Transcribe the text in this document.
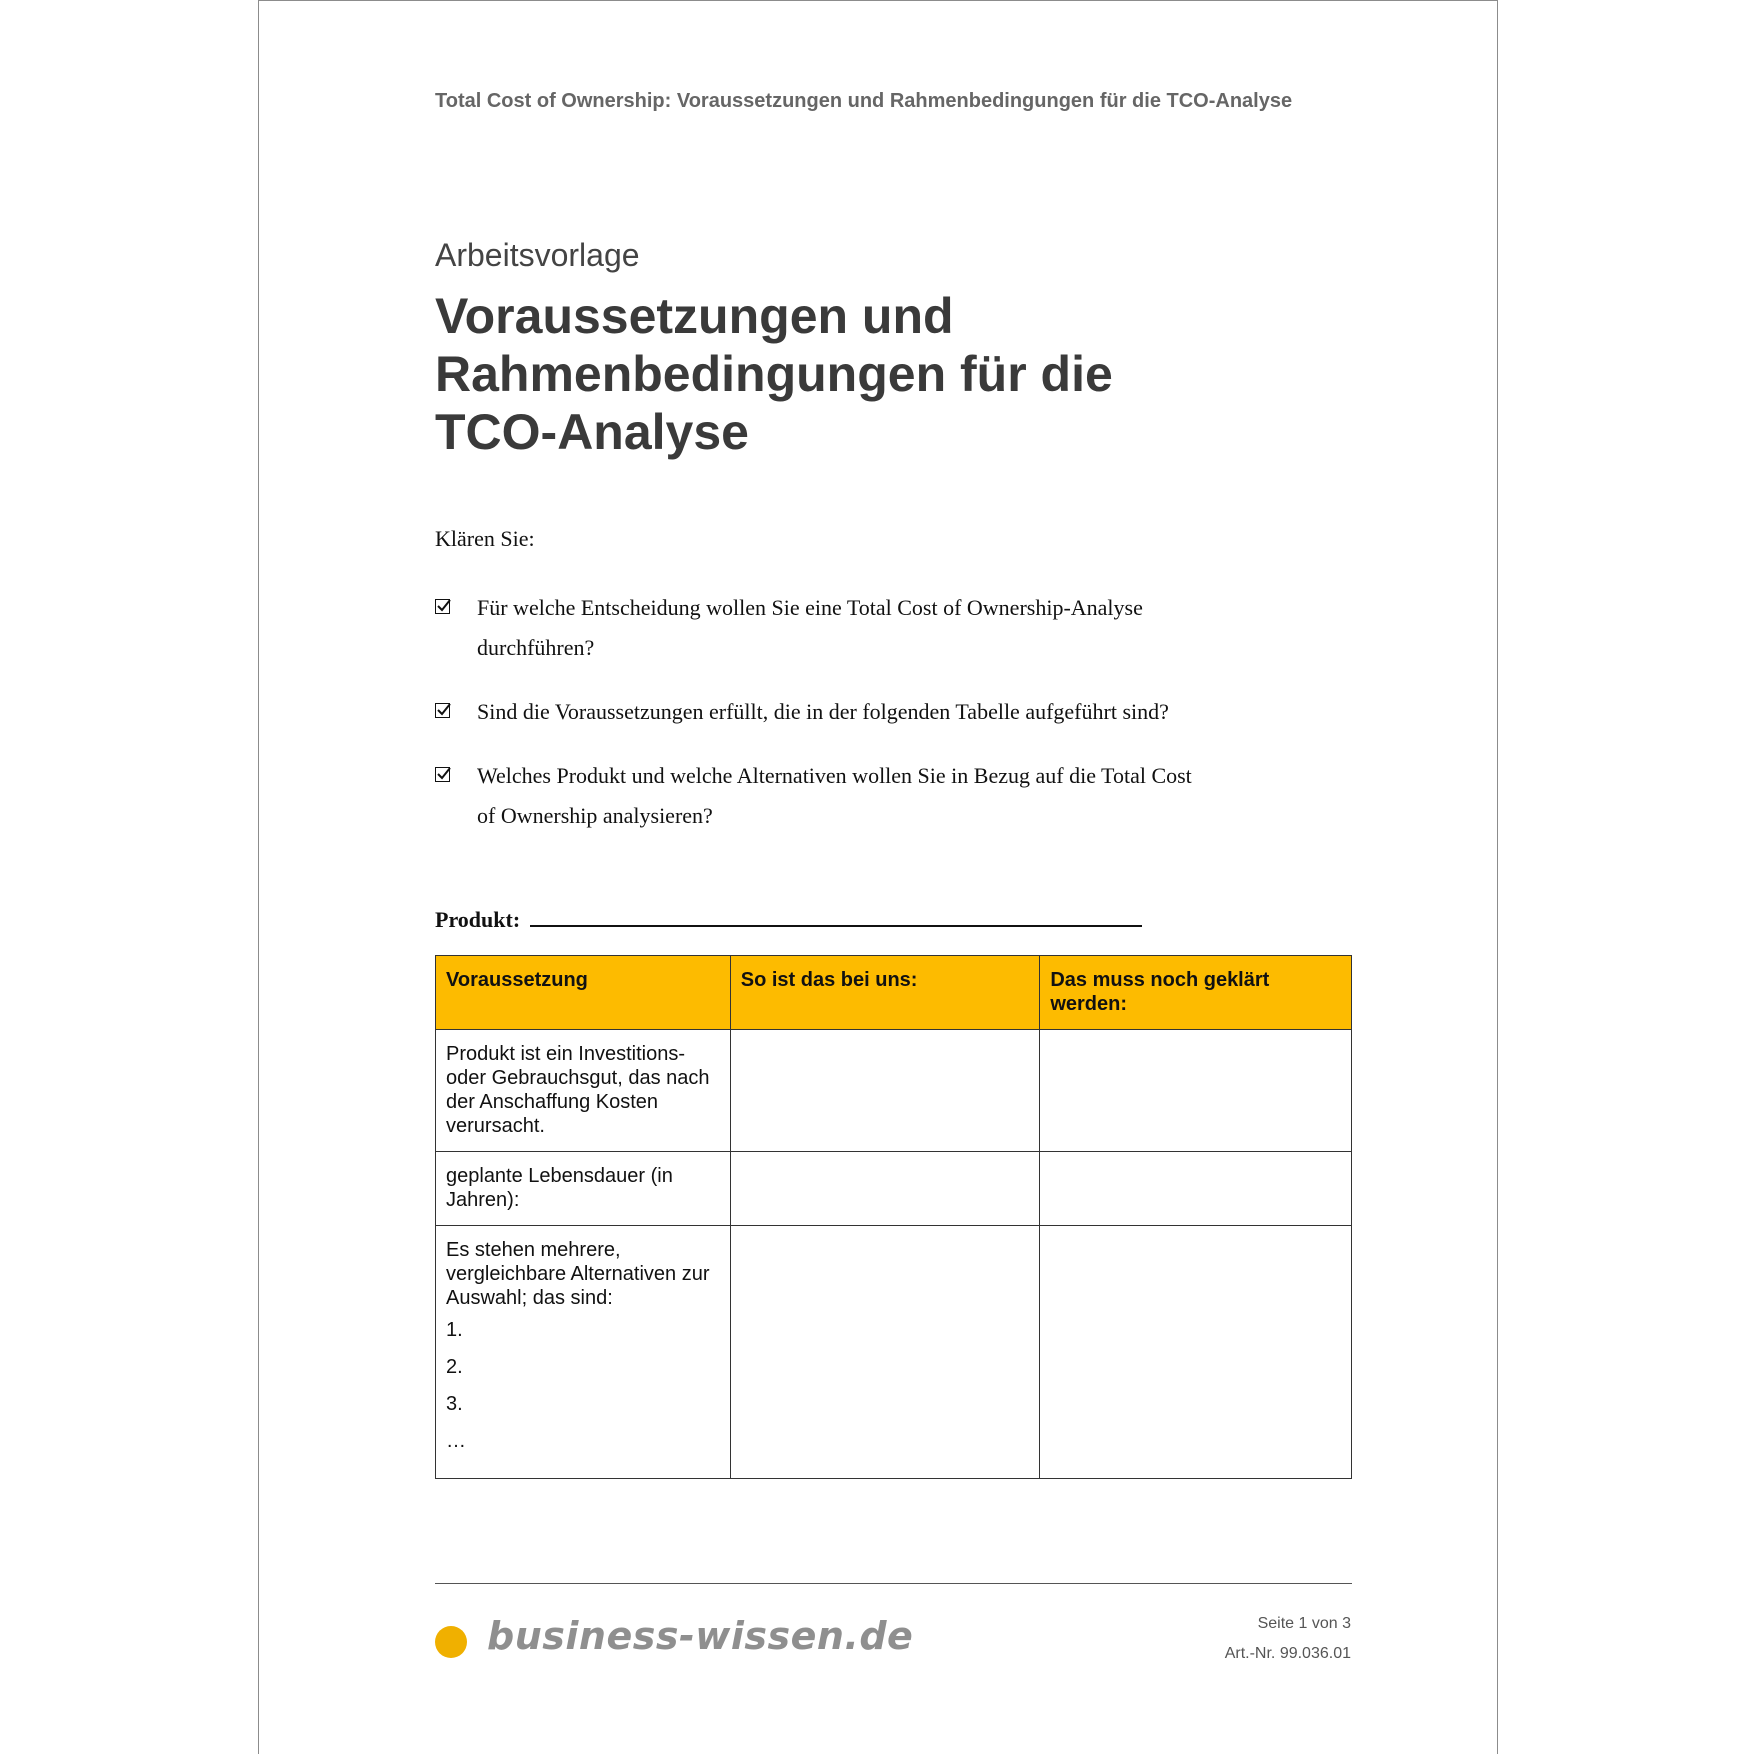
Total Cost of Ownership: Voraussetzungen und Rahmenbedingungen für die TCO-Analyse
Arbeitsvorlage
Voraussetzungen und
Rahmenbedingungen für die
TCO-Analyse
Klären Sie:
Für welche Entscheidung wollen Sie eine Total Cost of Ownership-Analyse durchführen?
Sind die Voraussetzungen erfüllt, die in der folgenden Tabelle aufgeführt sind?
Welches Produkt und welche Alternativen wollen Sie in Bezug auf die Total Cost of Ownership analysieren?
Produkt:
Voraussetzung	So ist das bei uns:	Das muss noch geklärt werden:
Produkt ist ein Investitions- oder Gebrauchsgut, das nach der Anschaffung Kosten verursacht.		
geplante Lebensdauer (in Jahren):		

Es stehen mehrere, vergleichbare Alternativen zur Auswahl; das sind:
1.
2.
3.
…		

business-wissen.de	Seite 1 von 3
Art.-Nr. 99.036.01
